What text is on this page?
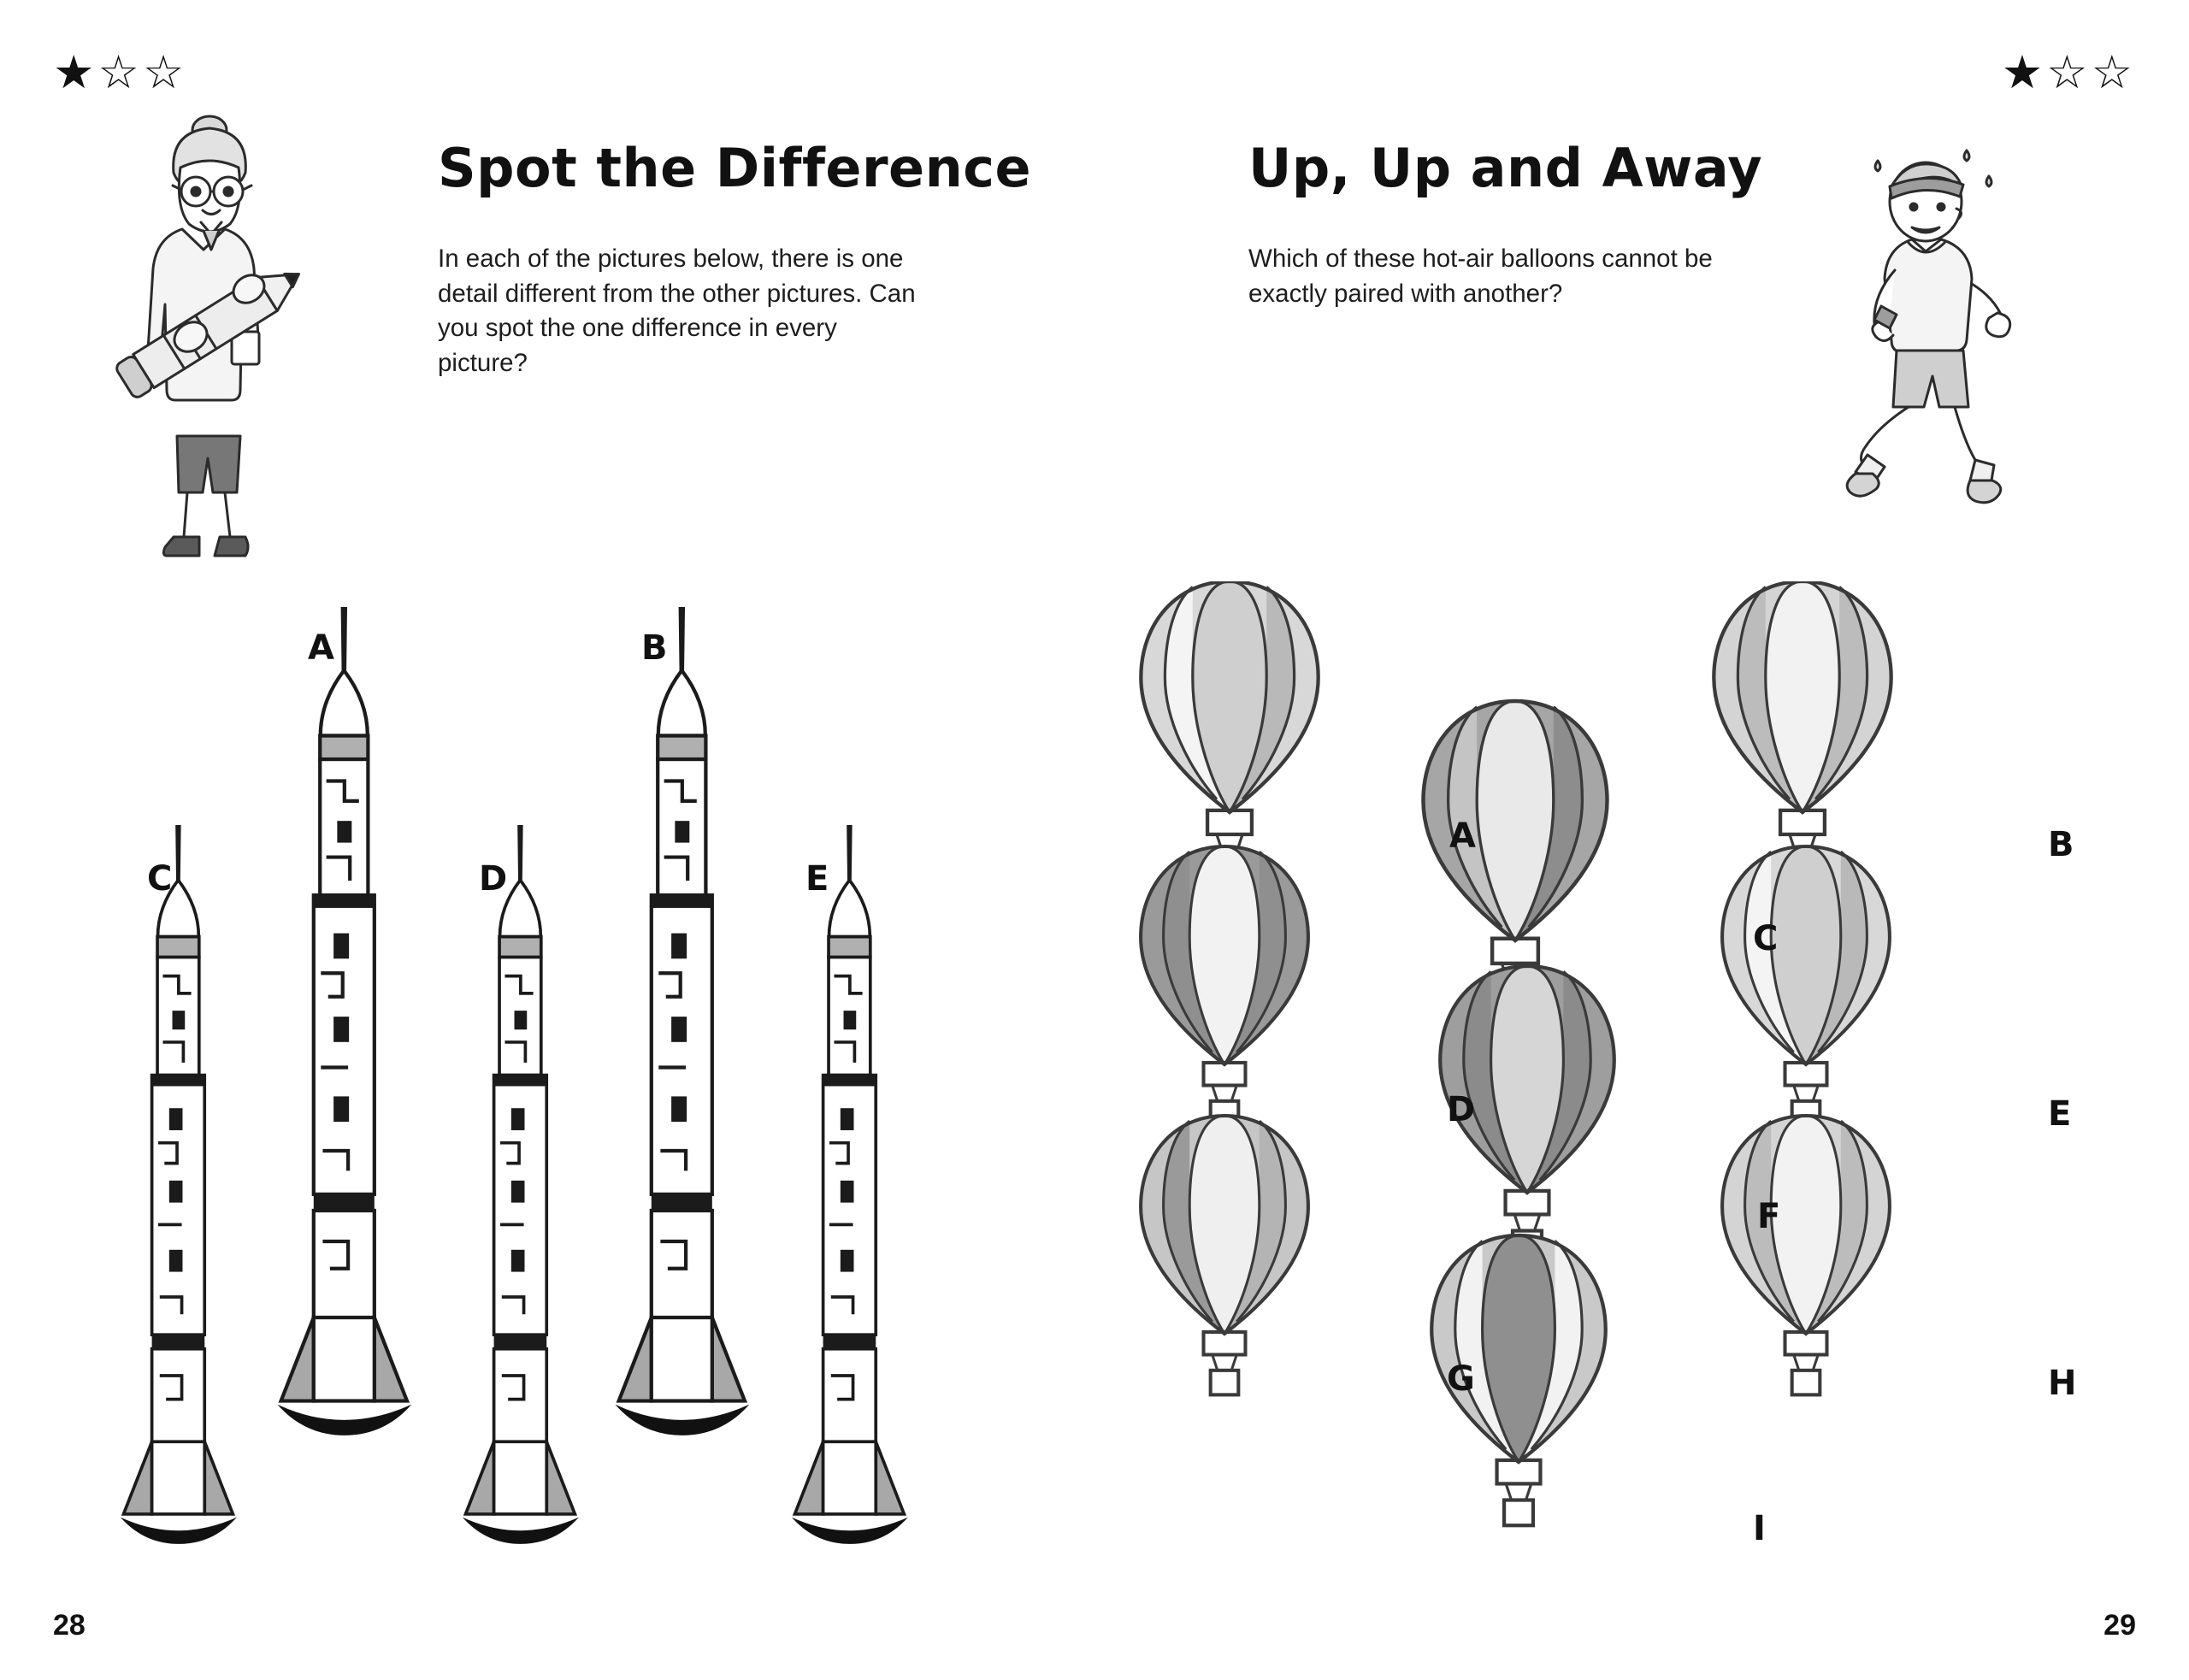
★☆☆
Spot the Difference
In each of the pictures below, there is one detail different from the other pictures. Can you spot the one difference in every picture?
C
A
D
B
E
28
★☆☆
Up, Up and Away
Which of these hot-air balloons cannot be exactly paired with another?
A	B
C
D	E
F
G	H
I
29
